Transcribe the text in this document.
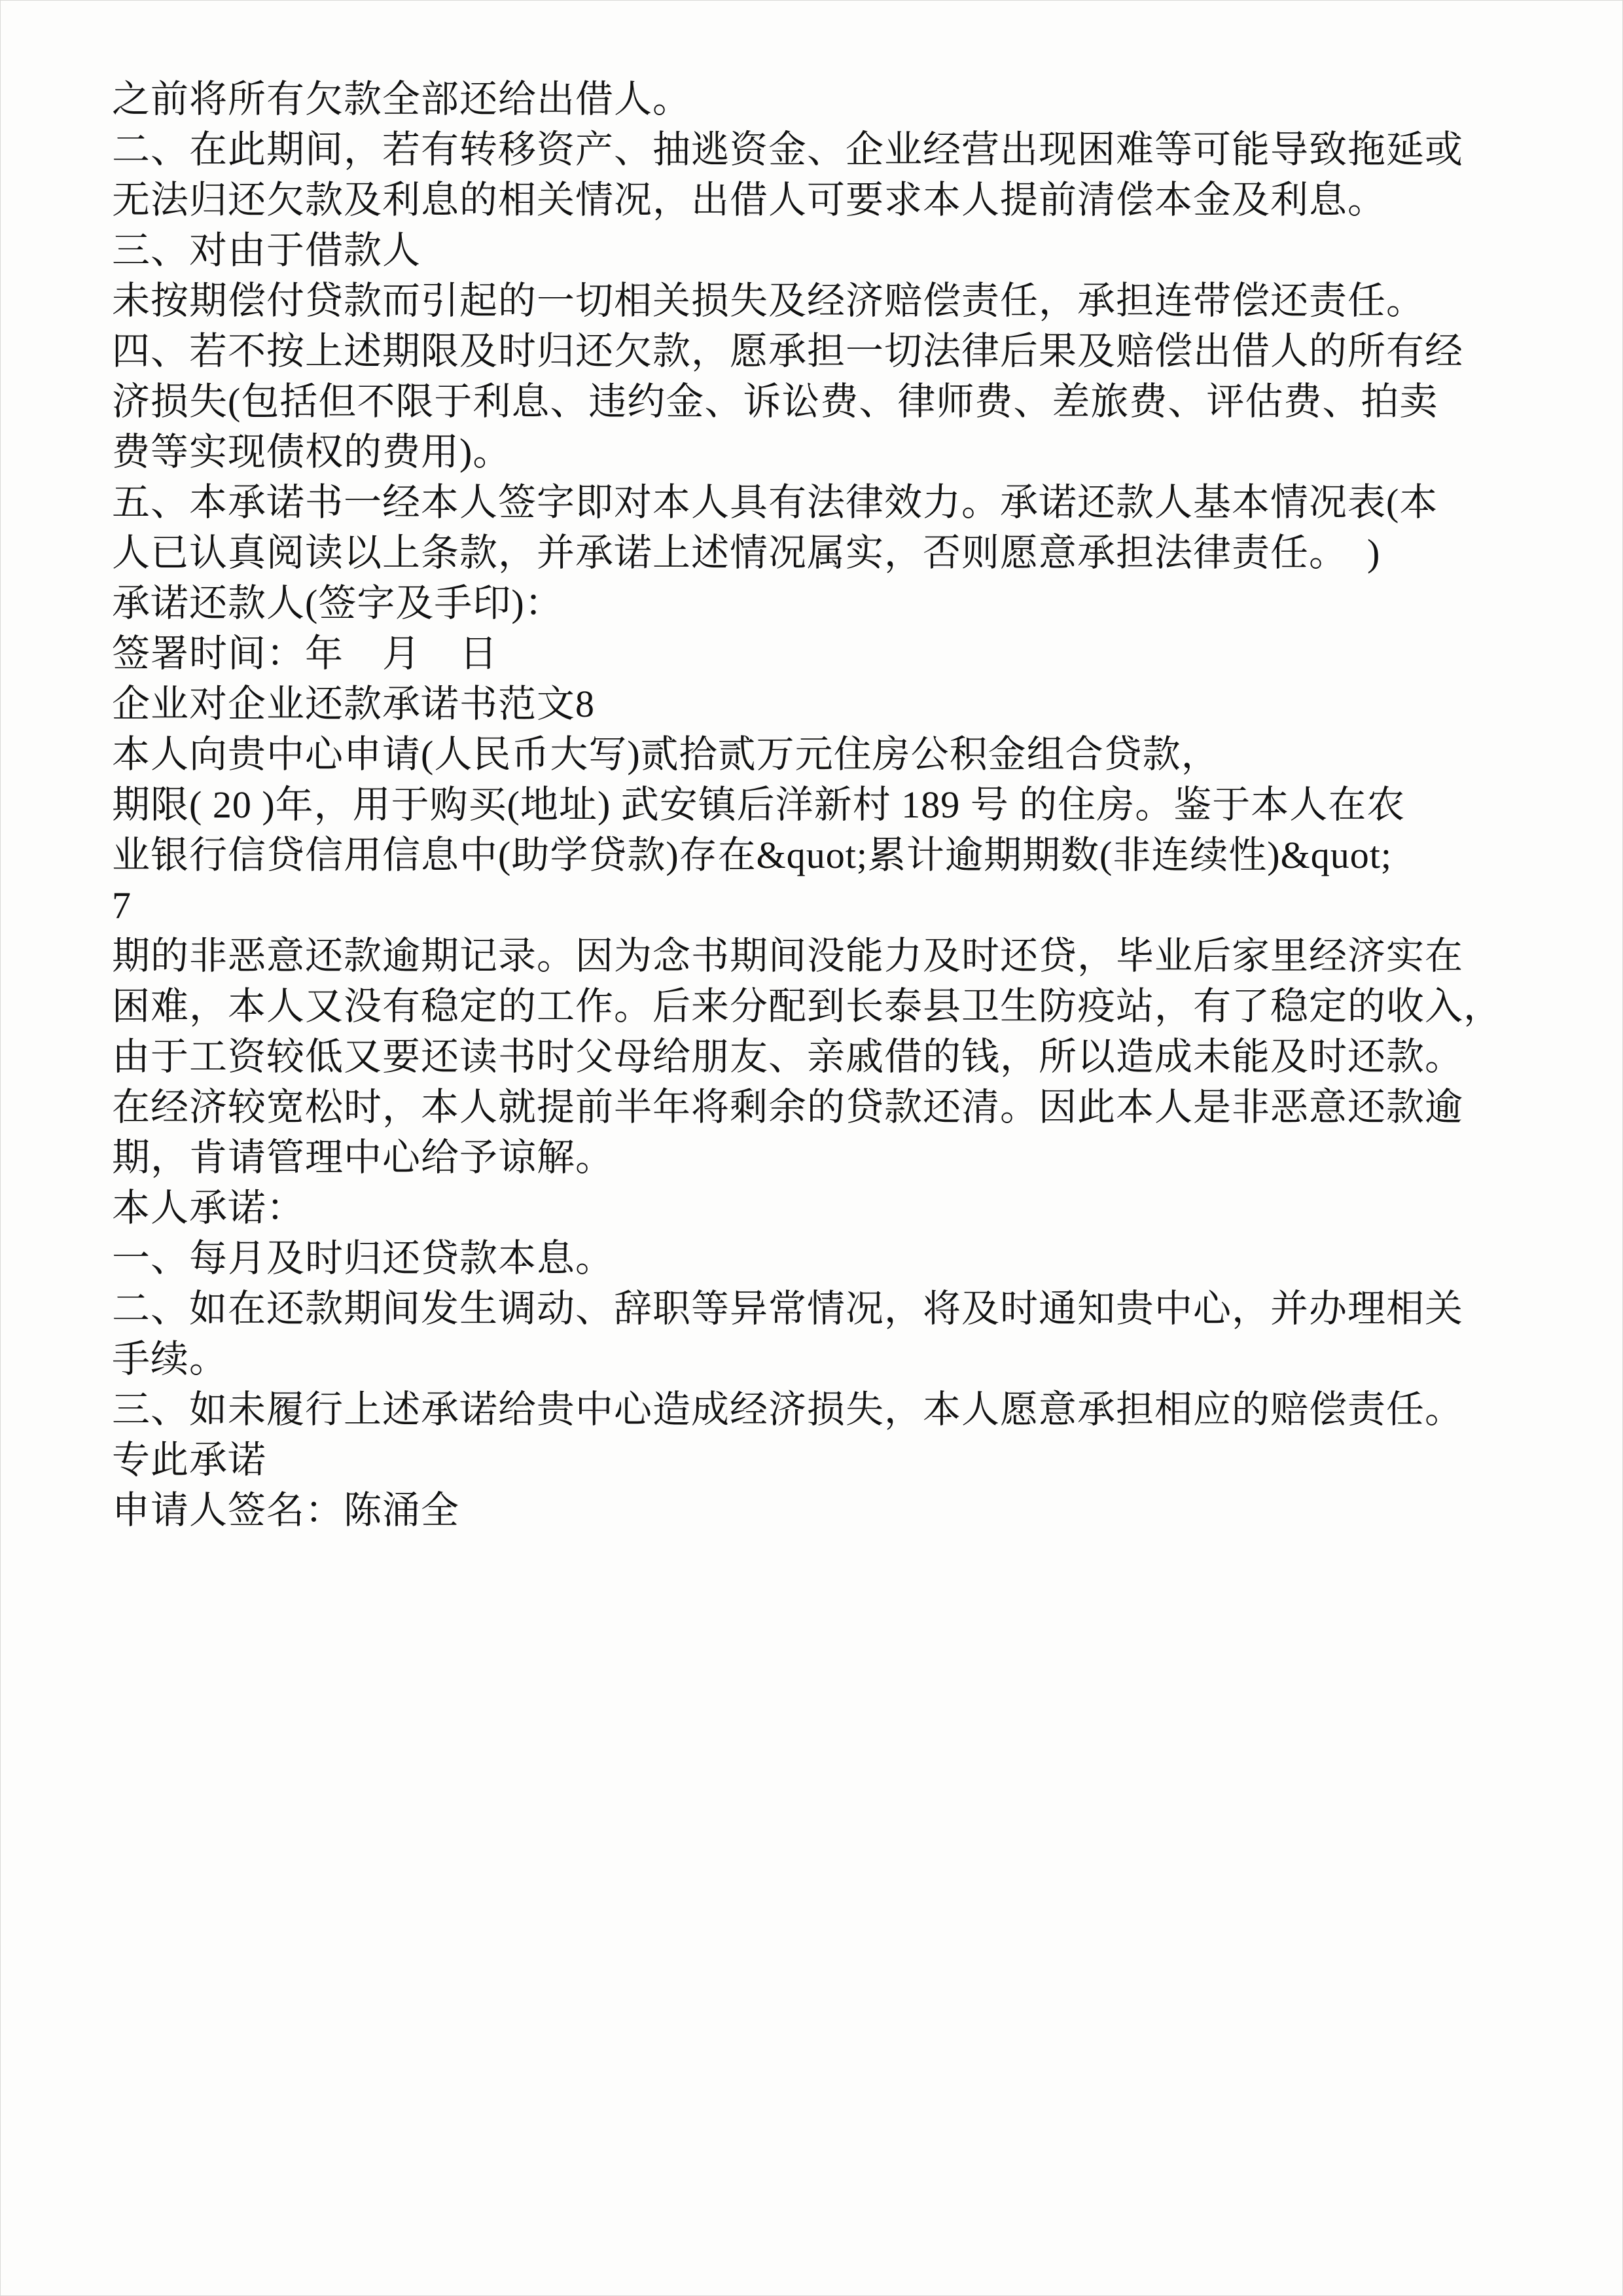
之前将所有欠款全部还给出借人。
二、在此期间，若有转移资产、抽逃资金、企业经营出现困难等可能导致拖延或
无法归还欠款及利息的相关情况，出借人可要求本人提前清偿本金及利息。
三、对由于借款人
未按期偿付贷款而引起的一切相关损失及经济赔偿责任，承担连带偿还责任。
四、若不按上述期限及时归还欠款，愿承担一切法律后果及赔偿出借人的所有经
济损失(包括但不限于利息、违约金、诉讼费、律师费、差旅费、评估费、拍卖
费等实现债权的费用)。
五、本承诺书一经本人签字即对本人具有法律效力。承诺还款人基本情况表(本
人已认真阅读以上条款，并承诺上述情况属实，否则愿意承担法律责任。　)
承诺还款人(签字及手印)：
签署时间：年　月　日
企业对企业还款承诺书范文8
本人向贵中心申请(人民币大写)贰拾贰万元住房公积金组合贷款，
期限( 20 )年，用于购买(地址) 武安镇后洋新村 189 号 的住房。鉴于本人在农
业银行信贷信用信息中(助学贷款)存在&quot;累计逾期期数(非连续性)&quot;
7
期的非恶意还款逾期记录。因为念书期间没能力及时还贷，毕业后家里经济实在
困难，本人又没有稳定的工作。后来分配到长泰县卫生防疫站，有了稳定的收入，
由于工资较低又要还读书时父母给朋友、亲戚借的钱，所以造成未能及时还款。
在经济较宽松时，本人就提前半年将剩余的贷款还清。因此本人是非恶意还款逾
期，肯请管理中心给予谅解。
本人承诺：
一、每月及时归还贷款本息。
二、如在还款期间发生调动、辞职等异常情况，将及时通知贵中心，并办理相关
手续。
三、如未履行上述承诺给贵中心造成经济损失，本人愿意承担相应的赔偿责任。
专此承诺
申请人签名：陈涌全
